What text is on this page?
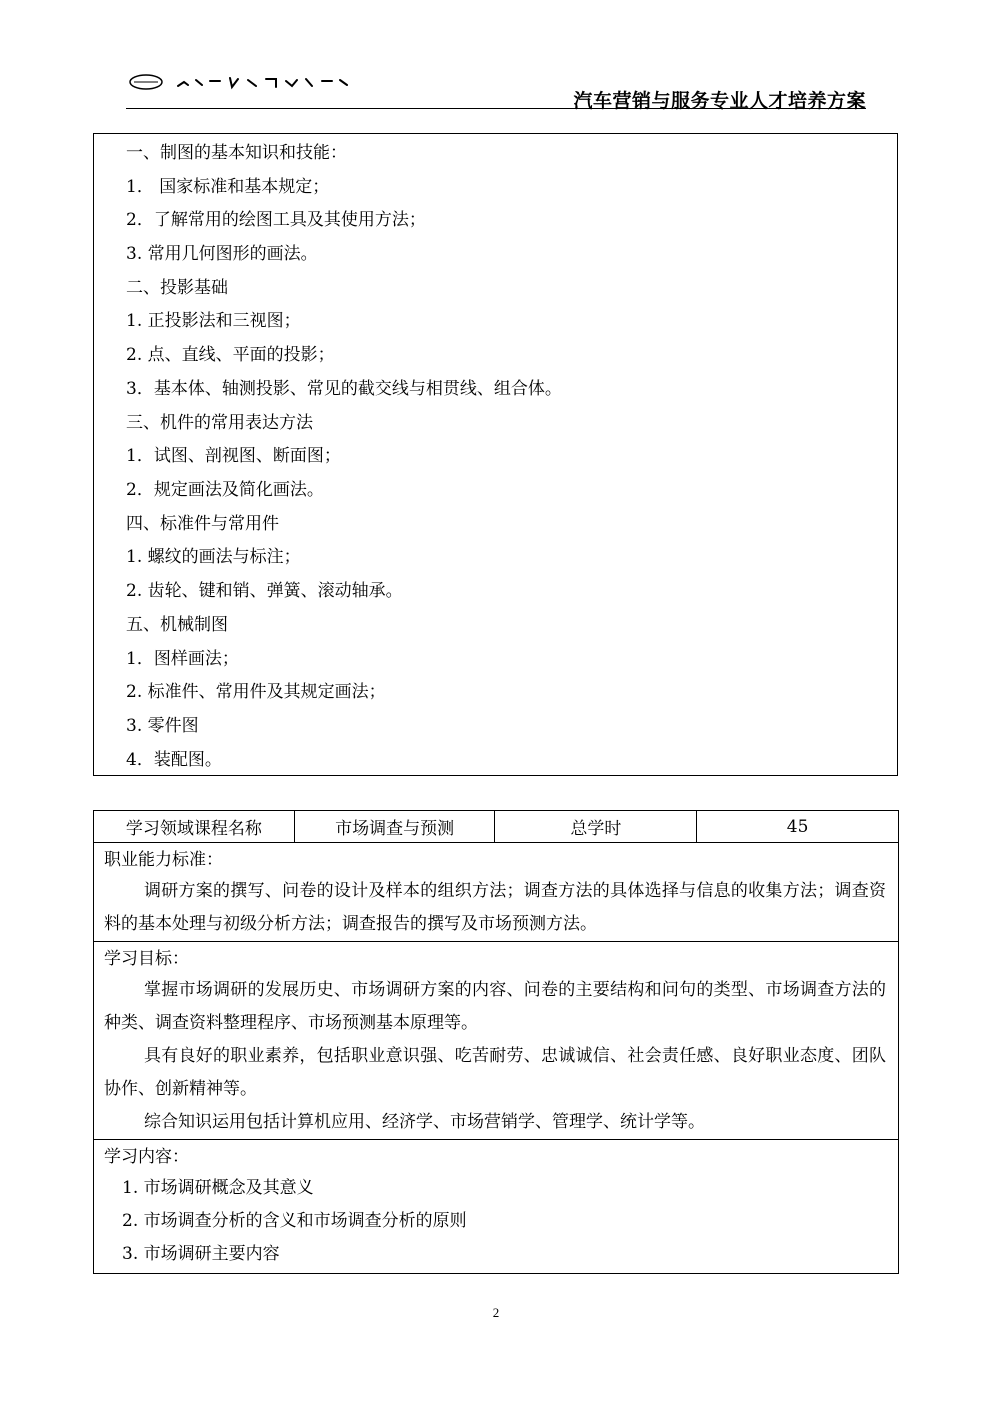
汽车营销与服务专业人才培养方案
一、制图的基本知识和技能：
1． 国家标准和基本规定；
2．了解常用的绘图工具及其使用方法；
3. 常用几何图形的画法。
二、投影基础
1. 正投影法和三视图；
2. 点、直线、平面的投影；
3．基本体、轴测投影、常见的截交线与相贯线、组合体。
三、机件的常用表达方法
1．试图、剖视图、断面图；
2．规定画法及简化画法。
四、标准件与常用件
1. 螺纹的画法与标注；
2. 齿轮、键和销、弹簧、滚动轴承。
五、机械制图
1．图样画法；
2. 标准件、常用件及其规定画法；
3. 零件图
4．装配图。
学习领域课程名称	市场调查与预测	总学时	45

职业能力标准：
调研方案的撰写、问卷的设计及样本的组织方法；调查方法的具体选择与信息的收集方法；调查资料的基本处理与初级分析方法；调查报告的撰写及市场预测方法。

学习目标：
掌握市场调研的发展历史、市场调研方案的内容、问卷的主要结构和问句的类型、市场调查方法的种类、调查资料整理程序、市场预测基本原理等。
具有良好的职业素养，包括职业意识强、吃苦耐劳、忠诚诚信、社会责任感、良好职业态度、团队协作、创新精神等。
综合知识运用包括计算机应用、经济学、市场营销学、管理学、统计学等。

学习内容：
1. 市场调研概念及其意义
2. 市场调查分析的含义和市场调查分析的原则
3. 市场调研主要内容
2
